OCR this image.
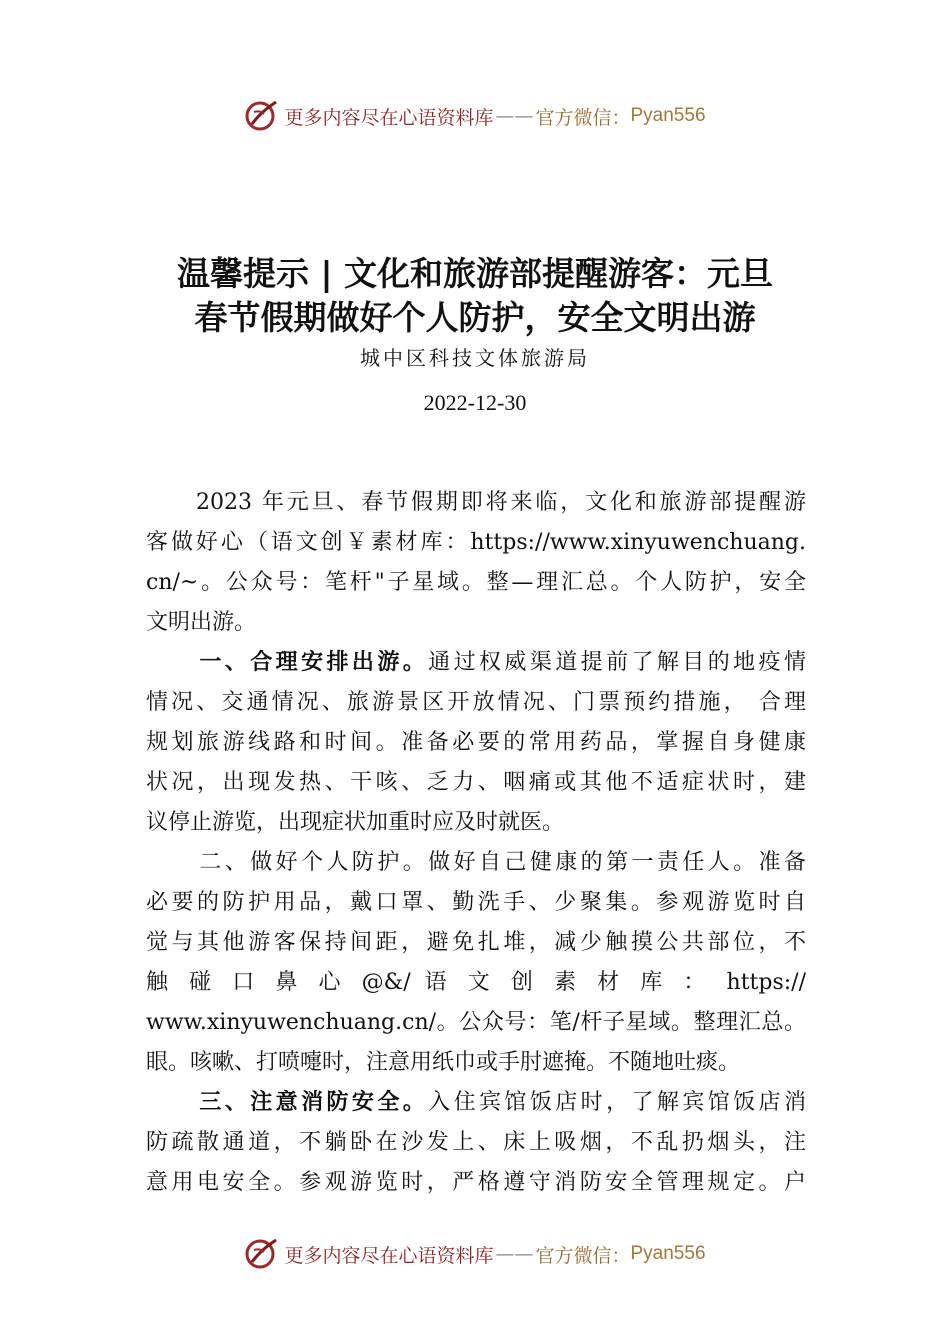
更多内容尽在心语资料库 —— 官方微信： Pyan556
温馨提示 | 文化和旅游部提醒游客：元旦
春节假期做好个人防护，安全文明出游
城中区科技文体旅游局
2022-12-30
2023 年元旦、春节假期即将来临，文化和旅游部提醒游
客做好心（语文创￥素材库：https://www.xinyuwenchuang.
cn/~。公众号：笔杆"子星域。整—理汇总。个人防护，安全
文明出游。
一、合理安排出游。通过权威渠道提前了解目的地疫情
情况、交通情况、旅游景区开放情况、门票预约措施， 合理
规划旅游线路和时间。准备必要的常用药品，掌握自身健康
状况，出现发热、干咳、乏力、咽痛或其他不适症状时，建
议停止游览，出现症状加重时应及时就医。
二、做好个人防护。做好自己健康的第一责任人。准备
必要的防护用品，戴口罩、勤洗手、少聚集。参观游览时自
觉与其他游客保持间距，避免扎堆，减少触摸公共部位，不
触 碰 口 鼻 心 @&/ 语 文 创 素 材 库 ： https://
www.xinyuwenchuang.cn/。公众号：笔/杆子星域。整理汇总。
眼。咳嗽、打喷嚏时，注意用纸巾或手肘遮掩。不随地吐痰。
三、注意消防安全。入住宾馆饭店时，了解宾馆饭店消
防疏散通道，不躺卧在沙发上、床上吸烟，不乱扔烟头，注
意用电安全。参观游览时，严格遵守消防安全管理规定。户
更多内容尽在心语资料库 —— 官方微信： Pyan556
